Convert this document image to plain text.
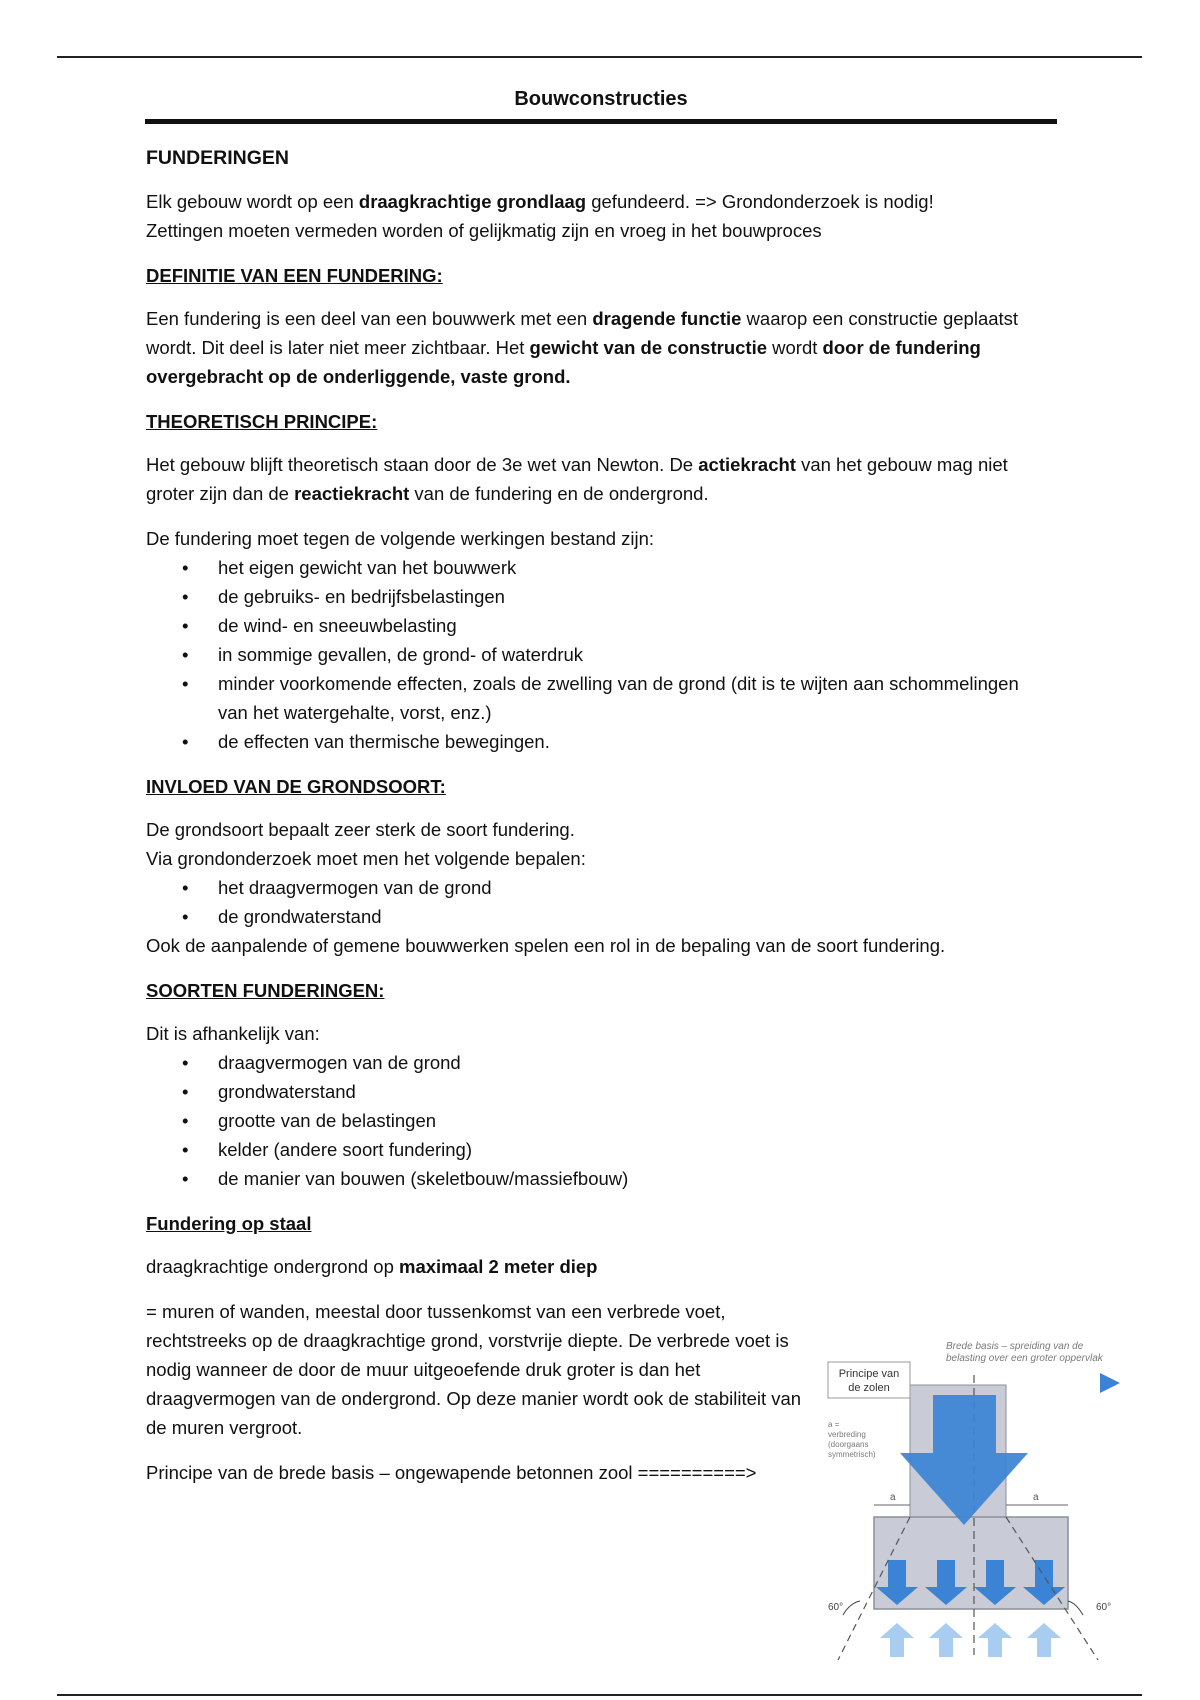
Bouwconstructies
FUNDERINGEN

Elk gebouw wordt op een draagkrachtige grondlaag gefundeerd. => Grondonderzoek is nodig!

Zettingen moeten vermeden worden of gelijkmatig zijn en vroeg in het bouwproces

DEFINITIE VAN EEN FUNDERING:

Een fundering is een deel van een bouwwerk met een dragende functie waarop een constructie geplaatst wordt. Dit deel is later niet meer zichtbaar. Het gewicht van de constructie wordt door de fundering overgebracht op de onderliggende, vaste grond.

THEORETISCH PRINCIPE:

Het gebouw blijft theoretisch staan door de 3e wet van Newton. De actiekracht van het gebouw mag niet groter zijn dan de reactiekracht van de fundering en de ondergrond.

De fundering moet tegen de volgende werkingen bestand zijn:

• het eigen gewicht van het bouwwerk
• de gebruiks- en bedrijfsbelastingen
• de wind- en sneeuwbelasting
• in sommige gevallen, de grond- of waterdruk
• minder voorkomende effecten, zoals de zwelling van de grond (dit is te wijten aan schommelingen van het watergehalte, vorst, enz.)
• de effecten van thermische bewegingen.
INVLOED VAN DE GRONDSOORT:

De grondsoort bepaalt zeer sterk de soort fundering.

Via grondonderzoek moet men het volgende bepalen:

• het draagvermogen van de grond
• de grondwaterstand

Ook de aanpalende of gemene bouwwerken spelen een rol in de bepaling van de soort fundering.

SOORTEN FUNDERINGEN:

Dit is afhankelijk van:

• draagvermogen van de grond
• grondwaterstand
• grootte van de belastingen
• kelder (andere soort fundering)
• de manier van bouwen (skeletbouw/massiefbouw)
Fundering op staal

draagkrachtige ondergrond op maximaal 2 meter diep

= muren of wanden, meestal door tussenkomst van een verbrede voet, rechtstreeks op de draagkrachtige grond, vorstvrije diepte. De verbrede voet is nodig wanneer de door de muur uitgeoefende druk groter is dan het draagvermogen van de ondergrond. Op deze manier wordt ook de stabiliteit van de muren vergroot.

Principe van de brede basis – ongewapende betonnen zool ==========>

Brede basis – spreiding van de
belasting over een groter oppervlak
a	a
60°	60°
Principe van
de zolen
a =
verbreding
(doorgaans
symmetrisch)
